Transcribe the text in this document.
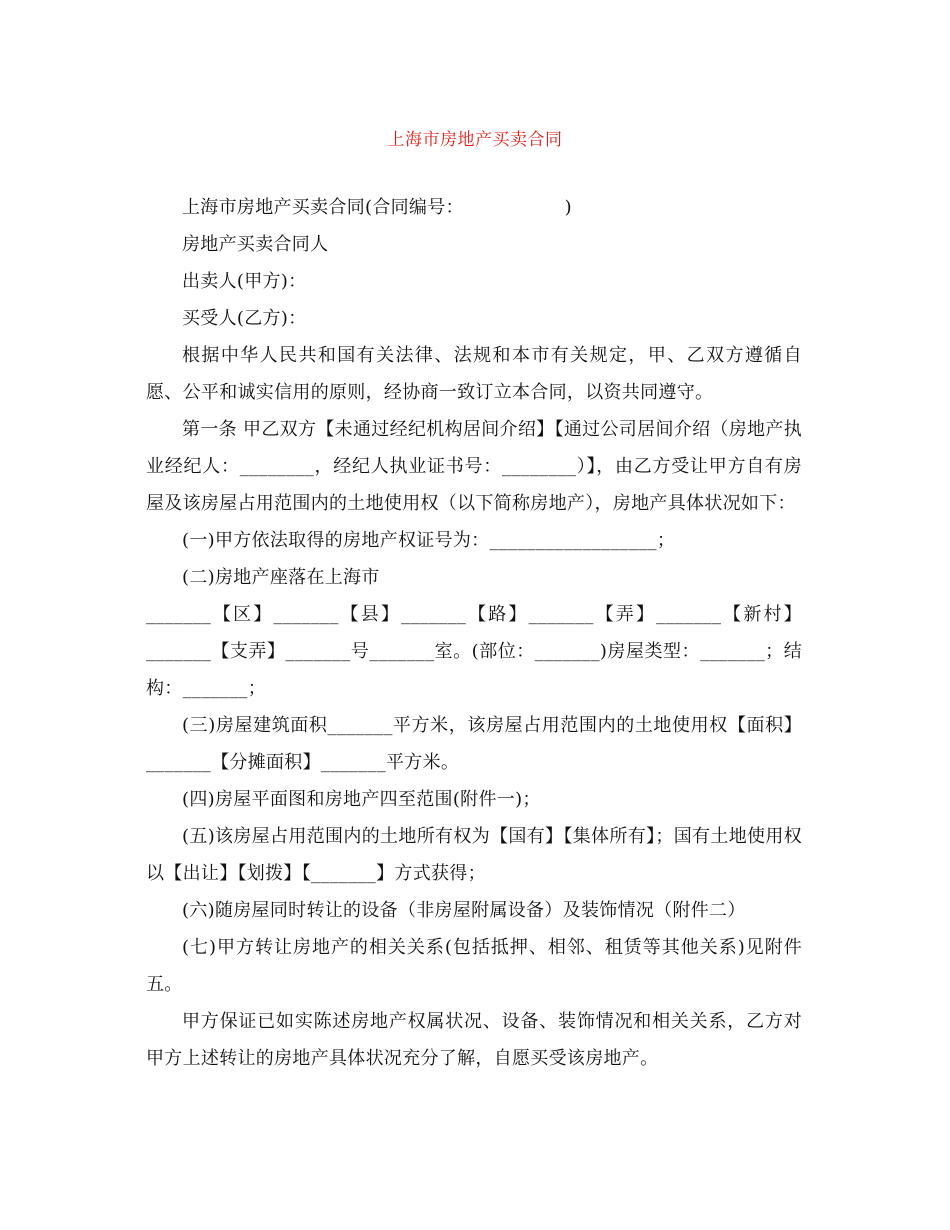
上海市房地产买卖合同

上海市房地产买卖合同(合同编号：　　　　　　)

房地产买卖合同人

出卖人(甲方)：

买受人(乙方)：

根据中华人民共和国有关法律、法规和本市有关规定，甲、乙双方遵循自愿、公平和诚实信用的原则，经协商一致订立本合同，以资共同遵守。

第一条 甲乙双方【未通过经纪机构居间介绍】【通过公司居间介绍（房地产执业经纪人：________，经纪人执业证书号：________）】，由乙方受让甲方自有房屋及该房屋占用范围内的土地使用权（以下简称房地产），房地产具体状况如下：

(一)甲方依法取得的房地产权证号为：__________________；

(二)房地产座落在上海市

_______【区】_______【县】_______【路】_______【弄】_______【新村】_______【支弄】_______号_______室。(部位：_______)房屋类型：_______；结构：_______；

(三)房屋建筑面积_______平方米，该房屋占用范围内的土地使用权【面积】_______【分摊面积】_______平方米。

(四)房屋平面图和房地产四至范围(附件一)；

(五)该房屋占用范围内的土地所有权为【国有】【集体所有】；国有土地使用权以【出让】【划拨】【_______】方式获得；

(六)随房屋同时转让的设备（非房屋附属设备）及装饰情况（附件二）

(七)甲方转让房地产的相关关系(包括抵押、相邻、租赁等其他关系)见附件五。

甲方保证已如实陈述房地产权属状况、设备、装饰情况和相关关系，乙方对甲方上述转让的房地产具体状况充分了解，自愿买受该房地产。
